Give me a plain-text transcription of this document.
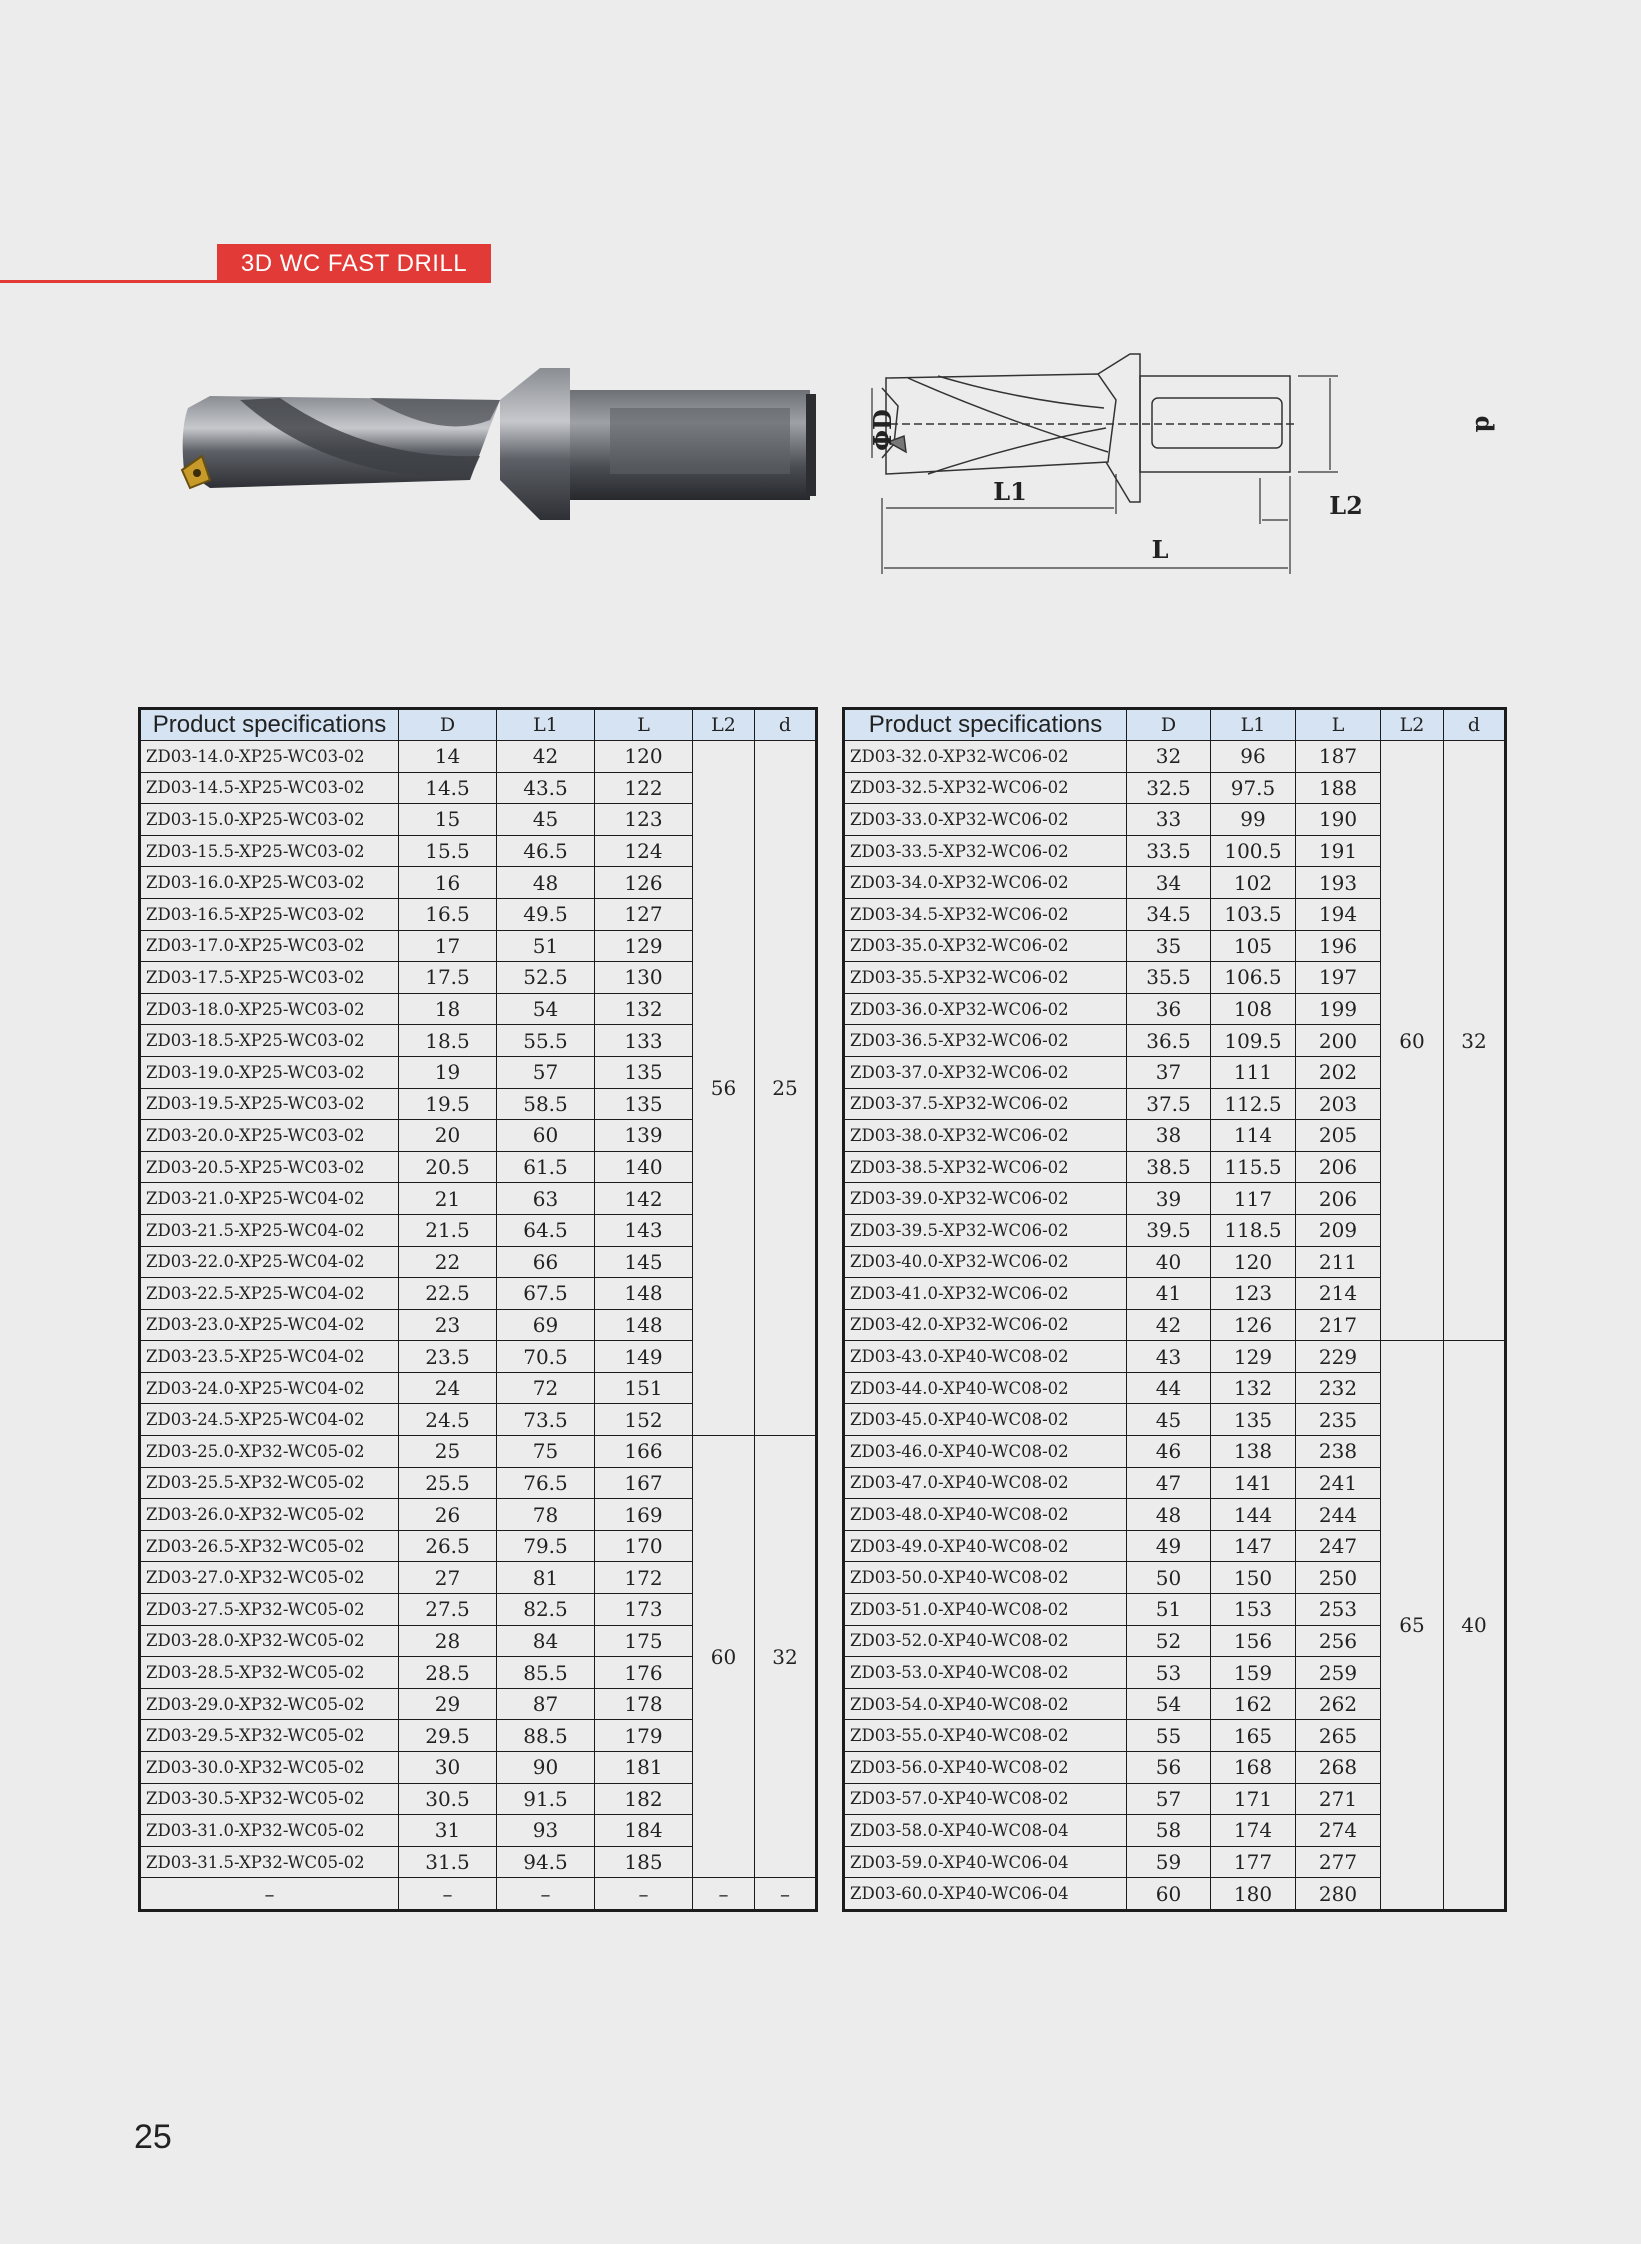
3D WC FAST DRILL
L1	L2
L
ΦD	d
Product specifications	D	L1	L	L2	d
ZD03-14.0-XP25-WC03-02	14	42	120	56	25
ZD03-14.5-XP25-WC03-02	14.5	43.5	122		
ZD03-15.0-XP25-WC03-02	15	45	123		
ZD03-15.5-XP25-WC03-02	15.5	46.5	124		
ZD03-16.0-XP25-WC03-02	16	48	126		
ZD03-16.5-XP25-WC03-02	16.5	49.5	127		
ZD03-17.0-XP25-WC03-02	17	51	129		
ZD03-17.5-XP25-WC03-02	17.5	52.5	130		
ZD03-18.0-XP25-WC03-02	18	54	132		
ZD03-18.5-XP25-WC03-02	18.5	55.5	133		
ZD03-19.0-XP25-WC03-02	19	57	135		
ZD03-19.5-XP25-WC03-02	19.5	58.5	135		
ZD03-20.0-XP25-WC03-02	20	60	139		
ZD03-20.5-XP25-WC03-02	20.5	61.5	140		
ZD03-21.0-XP25-WC04-02	21	63	142		
ZD03-21.5-XP25-WC04-02	21.5	64.5	143		
ZD03-22.0-XP25-WC04-02	22	66	145		
ZD03-22.5-XP25-WC04-02	22.5	67.5	148		
ZD03-23.0-XP25-WC04-02	23	69	148		
ZD03-23.5-XP25-WC04-02	23.5	70.5	149		
ZD03-24.0-XP25-WC04-02	24	72	151		
ZD03-24.5-XP25-WC04-02	24.5	73.5	152		
ZD03-25.0-XP32-WC05-02	25	75	166	60	32
ZD03-25.5-XP32-WC05-02	25.5	76.5	167		
ZD03-26.0-XP32-WC05-02	26	78	169		
ZD03-26.5-XP32-WC05-02	26.5	79.5	170		
ZD03-27.0-XP32-WC05-02	27	81	172		
ZD03-27.5-XP32-WC05-02	27.5	82.5	173		
ZD03-28.0-XP32-WC05-02	28	84	175		
ZD03-28.5-XP32-WC05-02	28.5	85.5	176		
ZD03-29.0-XP32-WC05-02	29	87	178		
ZD03-29.5-XP32-WC05-02	29.5	88.5	179		
ZD03-30.0-XP32-WC05-02	30	90	181		
ZD03-30.5-XP32-WC05-02	30.5	91.5	182		
ZD03-31.0-XP32-WC05-02	31	93	184		
ZD03-31.5-XP32-WC05-02	31.5	94.5	185		
–	–	–	–	–	–
Product specifications	D	L1	L	L2	d
ZD03-32.0-XP32-WC06-02	32	96	187	60	32
ZD03-32.5-XP32-WC06-02	32.5	97.5	188		
ZD03-33.0-XP32-WC06-02	33	99	190		
ZD03-33.5-XP32-WC06-02	33.5	100.5	191		
ZD03-34.0-XP32-WC06-02	34	102	193		
ZD03-34.5-XP32-WC06-02	34.5	103.5	194		
ZD03-35.0-XP32-WC06-02	35	105	196		
ZD03-35.5-XP32-WC06-02	35.5	106.5	197		
ZD03-36.0-XP32-WC06-02	36	108	199		
ZD03-36.5-XP32-WC06-02	36.5	109.5	200		
ZD03-37.0-XP32-WC06-02	37	111	202		
ZD03-37.5-XP32-WC06-02	37.5	112.5	203		
ZD03-38.0-XP32-WC06-02	38	114	205		
ZD03-38.5-XP32-WC06-02	38.5	115.5	206		
ZD03-39.0-XP32-WC06-02	39	117	206		
ZD03-39.5-XP32-WC06-02	39.5	118.5	209		
ZD03-40.0-XP32-WC06-02	40	120	211		
ZD03-41.0-XP32-WC06-02	41	123	214		
ZD03-42.0-XP32-WC06-02	42	126	217		
ZD03-43.0-XP40-WC08-02	43	129	229	65	40
ZD03-44.0-XP40-WC08-02	44	132	232		
ZD03-45.0-XP40-WC08-02	45	135	235		
ZD03-46.0-XP40-WC08-02	46	138	238		
ZD03-47.0-XP40-WC08-02	47	141	241		
ZD03-48.0-XP40-WC08-02	48	144	244		
ZD03-49.0-XP40-WC08-02	49	147	247		
ZD03-50.0-XP40-WC08-02	50	150	250		
ZD03-51.0-XP40-WC08-02	51	153	253		
ZD03-52.0-XP40-WC08-02	52	156	256		
ZD03-53.0-XP40-WC08-02	53	159	259		
ZD03-54.0-XP40-WC08-02	54	162	262		
ZD03-55.0-XP40-WC08-02	55	165	265		
ZD03-56.0-XP40-WC08-02	56	168	268		
ZD03-57.0-XP40-WC08-02	57	171	271		
ZD03-58.0-XP40-WC08-04	58	174	274		
ZD03-59.0-XP40-WC06-04	59	177	277		
ZD03-60.0-XP40-WC06-04	60	180	280		
25
